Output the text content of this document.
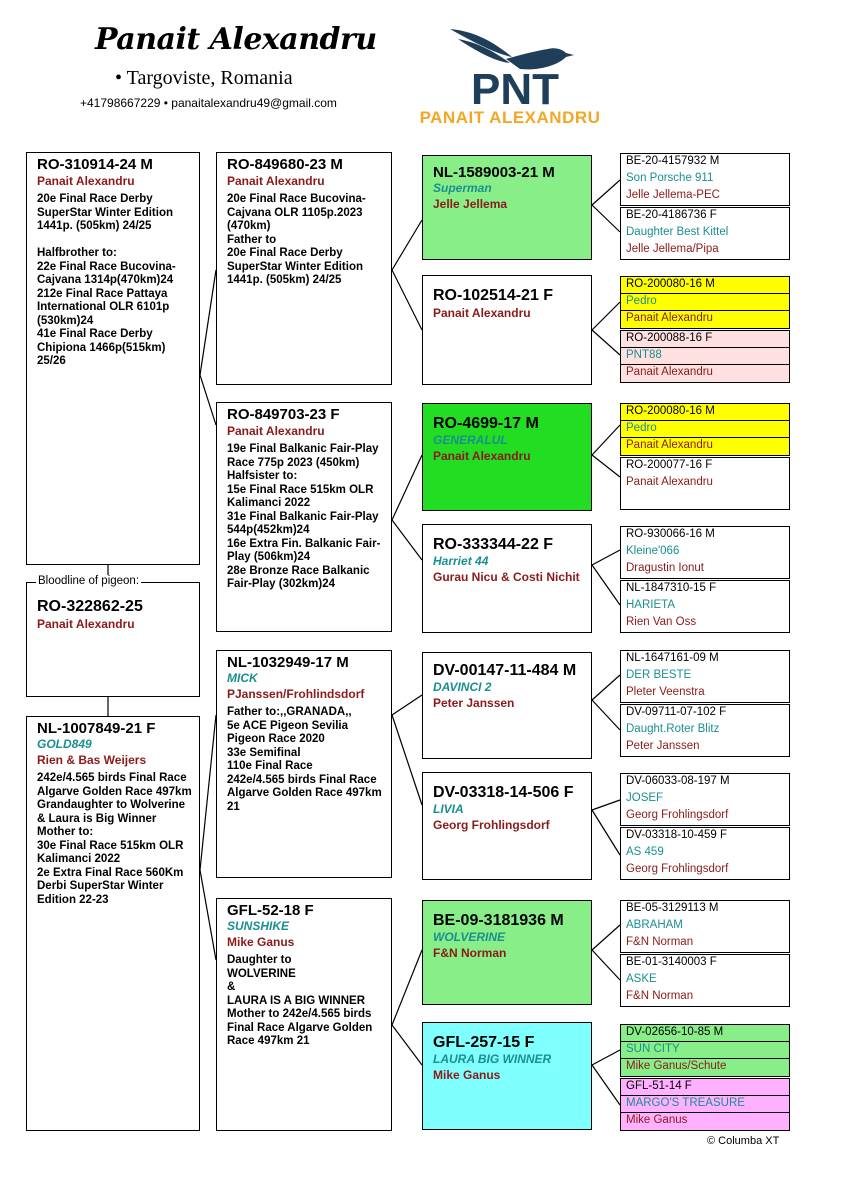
Panait Alexandru
• Targoviste, Romania
+41798667229 • panaitalexandru49@gmail.com	PNT
PANAIT ALEXANDRU
RO-310914-24 M
Panait Alexandru
20e Final Race Derby SuperStar Winter Edition 1441p. (505km) 24/25

Halfbrother to:
22e Final Race Bucovina-Cajvana 1314p(470km)24
212e Final Race Pattaya International OLR 6101p (530km)24
41e Final Race Derby Chipiona 1466p(515km) 25/26
RO-322862-25
Panait Alexandru
Bloodline of pigeon:
NL-1007849-21 F
GOLD849
Rien & Bas Weijers
242e/4.565 birds Final Race Algarve Golden Race 497km
Grandaughter to Wolverine & Laura is Big Winner
Mother to:
30e Final Race 515km OLR Kalimanci 2022
2e Extra Final Race 560Km Derbi SuperStar Winter Edition 22-23
RO-849680-23 M
Panait Alexandru
20e Final Race Bucovina-Cajvana OLR 1105p.2023 (470km)
Father to
20e Final Race Derby SuperStar Winter Edition 1441p. (505km) 24/25
RO-849703-23 F
Panait Alexandru
19e Final Balkanic Fair-Play Race 775p 2023 (450km)
Halfsister to:
15e Final Race 515km OLR Kalimanci 2022
31e Final Balkanic Fair-Play 544p(452km)24
16e Extra Fin. Balkanic Fair-Play (506km)24
28e Bronze Race Balkanic Fair-Play (302km)24
NL-1032949-17 M
MICK
PJanssen/Frohlindsdorf
Father to:,,GRANADA,,
5e ACE Pigeon Sevilia Pigeon Race 2020
33e Semifinal
110e Final Race
242e/4.565 birds Final Race Algarve Golden Race 497km 21
GFL-52-18 F
SUNSHIKE
Mike Ganus
Daughter to
WOLVERINE
&
LAURA IS A BIG WINNER
Mother to 242e/4.565 birds Final Race Algarve Golden Race 497km 21
NL-1589003-21 M
Superman
Jelle Jellema
RO-102514-21 F
Panait Alexandru
RO-4699-17 M
GENERALUL
Panait Alexandru
RO-333344-22 F
Harriet 44
Gurau Nicu & Costi Nichit
DV-00147-11-484 M
DAVINCI 2
Peter Janssen
DV-03318-14-506 F
LIVIA
Georg Frohlingsdorf
BE-09-3181936 M
WOLVERINE
F&N Norman
GFL-257-15 F
LAURA BIG WINNER
Mike Ganus
BE-20-4157932 M
Son Porsche 911
Jelle Jellema-PEC
BE-20-4186736 F
Daughter Best Kittel
Jelle Jellema/Pipa
RO-200080-16 M
Pedro
Panait Alexandru
RO-200088-16 F
PNT88
Panait Alexandru
RO-200080-16 M
Pedro
Panait Alexandru
RO-200077-16 F
Panait Alexandru
RO-930066-16 M
Kleine'066
Dragustin Ionut
NL-1847310-15 F
HARIETA
Rien Van Oss
NL-1647161-09 M
DER BESTE
Pleter Veenstra
DV-09711-07-102 F
Daught.Roter Blitz
Peter Janssen
DV-06033-08-197 M
JOSEF
Georg Frohlingsdorf
DV-03318-10-459 F
AS 459
Georg Frohlingsdorf
BE-05-3129113 M
ABRAHAM
F&N Norman
BE-01-3140003 F
ASKE
F&N Norman
DV-02656-10-85 M
SUN CITY
Mike Ganus/Schute
GFL-51-14 F
MARGO'S TREASURE
Mike Ganus
© Columba XT
